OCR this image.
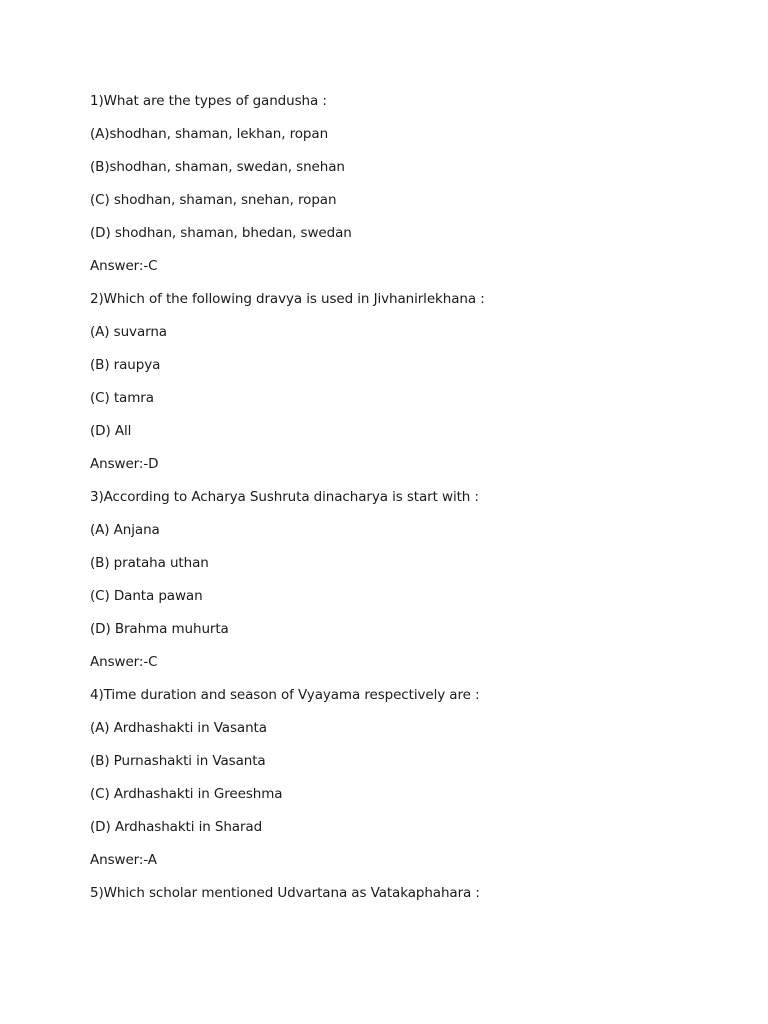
1)What are the types of gandusha :
(A)shodhan, shaman, lekhan, ropan
(B)shodhan, shaman, swedan, snehan
(C) shodhan, shaman, snehan, ropan
(D) shodhan, shaman, bhedan, swedan
Answer:-C
2)Which of the following dravya is used in Jivhanirlekhana :
(A) suvarna
(B) raupya
(C) tamra
(D) All
Answer:-D
3)According to Acharya Sushruta dinacharya is start with :
(A) Anjana
(B) prataha uthan
(C) Danta pawan
(D) Brahma muhurta
Answer:-C
4)Time duration and season of Vyayama respectively are :
(A) Ardhashakti in Vasanta
(B) Purnashakti in Vasanta
(C) Ardhashakti in Greeshma
(D) Ardhashakti in Sharad
Answer:-A
5)Which scholar mentioned Udvartana as Vatakaphahara :
